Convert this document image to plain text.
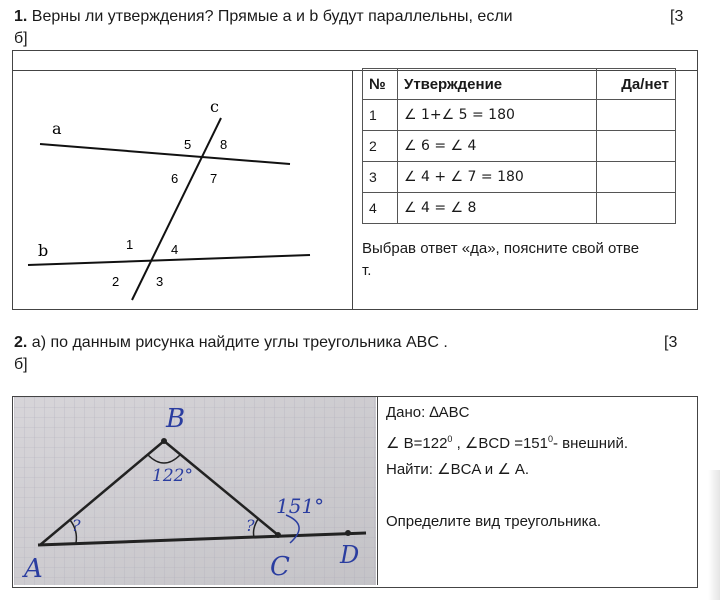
1. Верны ли утверждения? Прямые a и b будут параллельны, если	[3
б]
a
b
c
1
2	3
4
5
6 7
8
№	Утверждение	Да/нет
1	∠ 1+∠ 5 = 180	
2	∠ 6 = ∠ 4	
3	∠ 4 + ∠ 7 = 180	
4	∠ 4 = ∠ 8	
Выбрав ответ «да», поясните свой отве
т.
2. а) по данным рисунка найдите углы треугольника ABC .	[3
б]
B
A	C D
122°
151°
?	?
Дано: ∆ABC
∠ $B=122^0$ , ∠BCD $=151^0-$ внешний.
Найти: ∠BCA и ∠ A.
Определите вид треугольника.
